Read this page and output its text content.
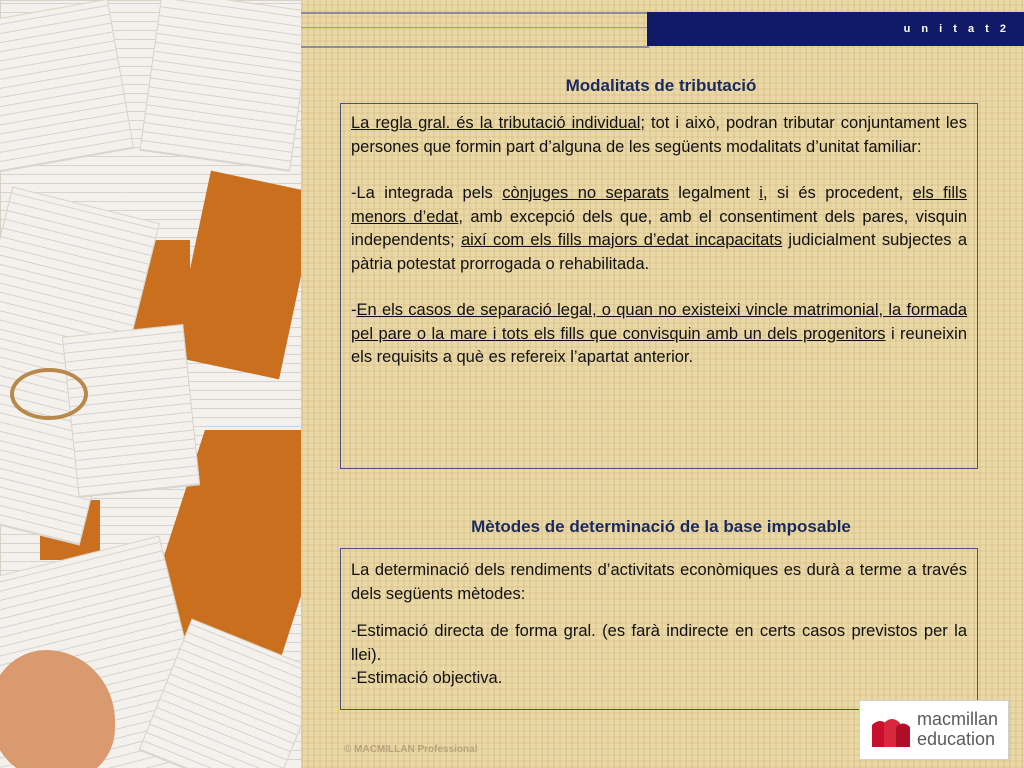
u n i t a t 2
Modalitats de tributació

La regla gral. és la tributació individual; tot i això, podran tributar conjuntament les persones que formin part d’alguna de les següents modalitats d’unitat familiar:

-La integrada pels cònjuges no separats legalment i, si és procedent, els fills menors d’edat, amb excepció dels que, amb el consentiment dels pares, visquin independents; així com els fills majors d’edat incapacitats judicialment subjectes a pàtria potestat prorrogada o rehabilitada.

-En els casos de separació legal, o quan no existeixi vincle matrimonial, la formada pel pare o la mare i tots els fills que convisquin amb un dels progenitors i reuneixin els requisits a què es refereix l’apartat anterior.

Mètodes de determinació de la base imposable

La determinació dels rendiments d’activitats econòmiques es durà a terme a través dels següents mètodes:

-Estimació directa de forma gral. (es farà indirecte en certs casos previstos per la llei).

-Estimació objectiva.

© MACMILLAN Professional
macmillan
education
